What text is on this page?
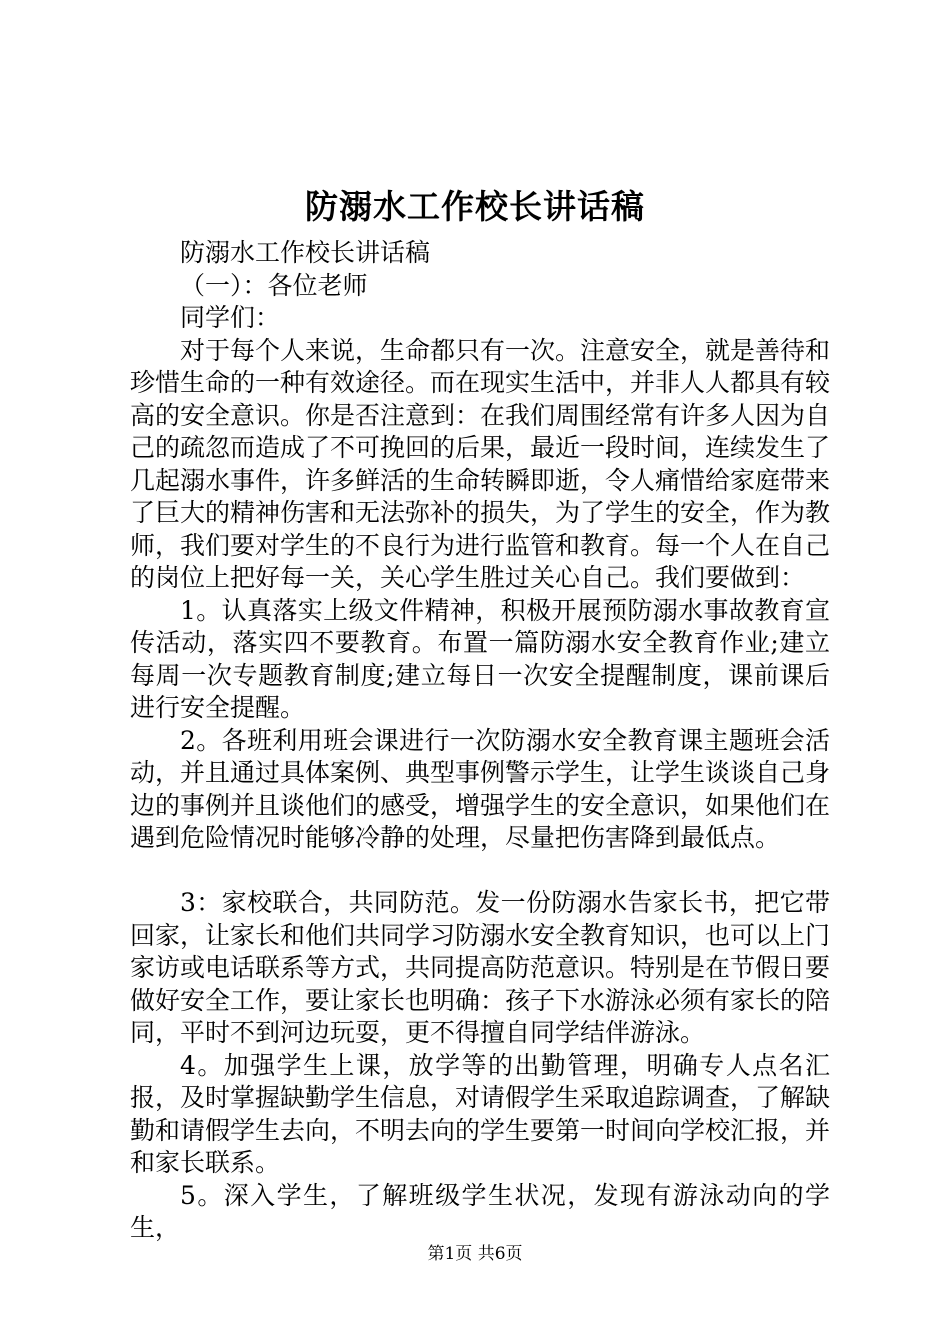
防溺水工作校长讲话稿

防溺水工作校长讲话稿

（一）：各位老师

同学们：

对于每个人来说，生命都只有一次。注意安全，就是善待和珍惜生命的一种有效途径。而在现实生活中，并非人人都具有较高的安全意识。你是否注意到：在我们周围经常有许多人因为自己的疏忽而造成了不可挽回的后果，最近一段时间，连续发生了几起溺水事件，许多鲜活的生命转瞬即逝，令人痛惜给家庭带来了巨大的精神伤害和无法弥补的损失，为了学生的安全，作为教师，我们要对学生的不良行为进行监管和教育。每一个人在自己的岗位上把好每一关，关心学生胜过关心自己。我们要做到：

1。认真落实上级文件精神，积极开展预防溺水事故教育宣传活动，落实四不要教育。布置一篇防溺水安全教育作业;建立每周一次专题教育制度;建立每日一次安全提醒制度，课前课后进行安全提醒。

2。各班利用班会课进行一次防溺水安全教育课主题班会活动，并且通过具体案例、典型事例警示学生，让学生谈谈自己身边的事例并且谈他们的感受，增强学生的安全意识，如果他们在遇到危险情况时能够冷静的处理，尽量把伤害降到最低点。

3：家校联合，共同防范。发一份防溺水告家长书，把它带回家，让家长和他们共同学习防溺水安全教育知识，也可以上门家访或电话联系等方式，共同提高防范意识。特别是在节假日要做好安全工作，要让家长也明确：孩子下水游泳必须有家长的陪同，平时不到河边玩耍，更不得擅自同学结伴游泳。

4。加强学生上课，放学等的出勤管理，明确专人点名汇报，及时掌握缺勤学生信息，对请假学生采取追踪调查，了解缺勤和请假学生去向，不明去向的学生要第一时间向学校汇报，并和家长联系。

5。深入学生，了解班级学生状况，发现有游泳动向的学生，

第1页 共6页
